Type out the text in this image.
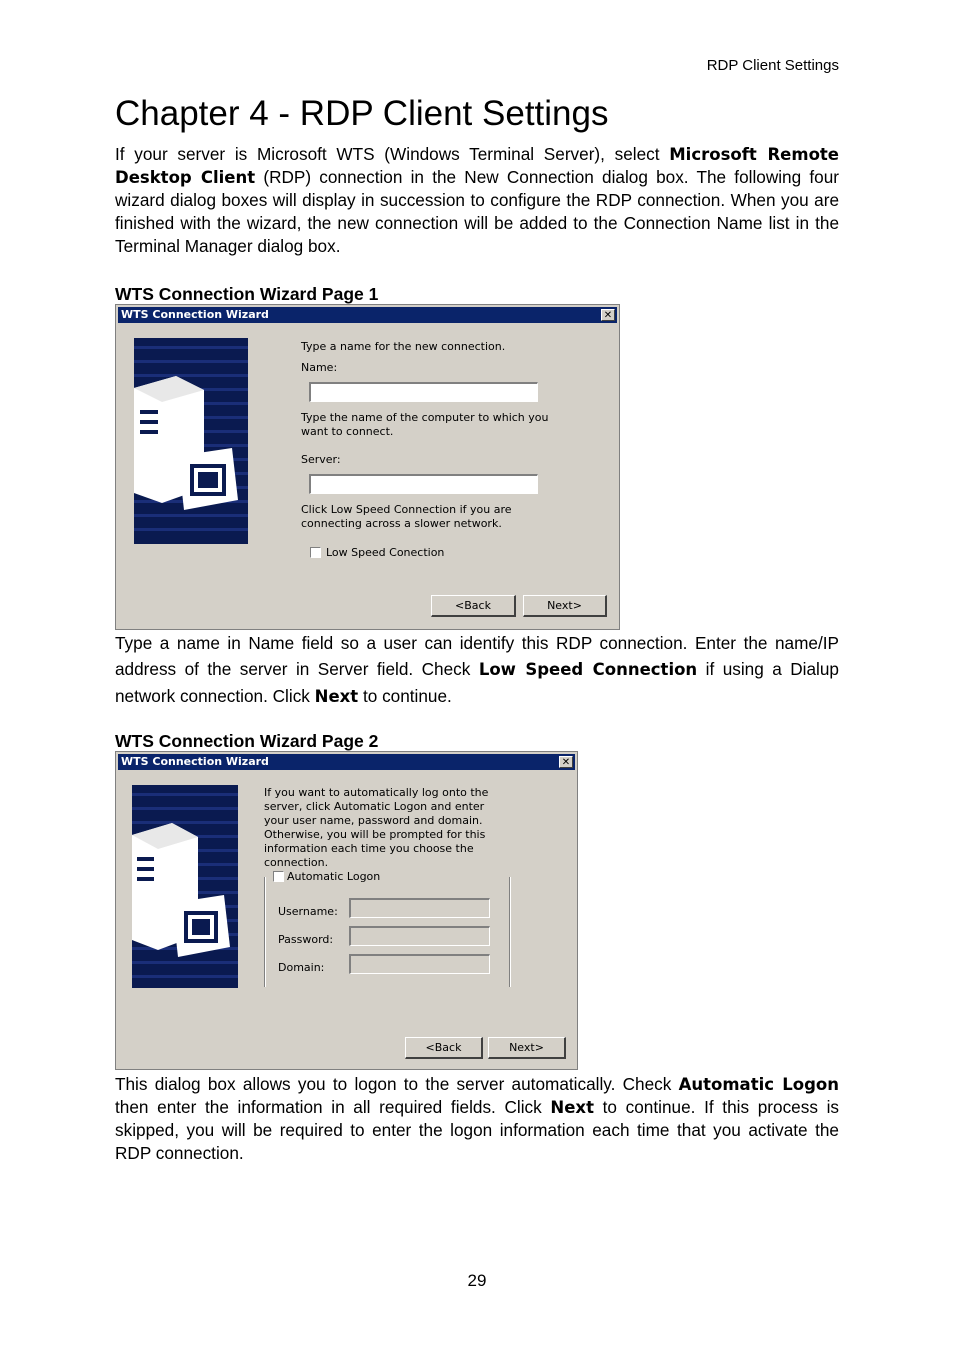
RDP Client Settings
Chapter 4 - RDP Client Settings

If your server is Microsoft WTS (Windows Terminal Server), select Microsoft Remote Desktop Client (RDP) connection in the New Connection dialog box. The following four wizard dialog boxes will display in succession to configure the RDP connection. When you are finished with the wizard, the new connection will be added to the Connection Name list in the Terminal Manager dialog box.

WTS Connection Wizard Page 1
WTS Connection Wizard	✕
Type a name for the new connection.
Name:
Type the name of the computer to which you want to connect.
Server:
Click Low Speed Connection if you are connecting across a slower network.
Low Speed Conection
<Back	Next>

Type a name in Name field so a user can identify this RDP connection. Enter the name/IP address of the server in Server field. Check Low Speed Connection if using a Dialup network connection. Click Next to continue.

WTS Connection Wizard Page 2
WTS Connection Wizard	✕
If you want to automatically log onto the server, click Automatic Logon and enter your user name, password and domain. Otherwise, you will be prompted for this information each time you choose the connection.
Automatic Logon
Username:
Password:
Domain:
<Back	Next>

This dialog box allows you to logon to the server automatically. Check Automatic Logon then enter the information in all required fields. Click Next to continue. If this process is skipped, you will be required to enter the logon information each time that you activate the RDP connection.

29
